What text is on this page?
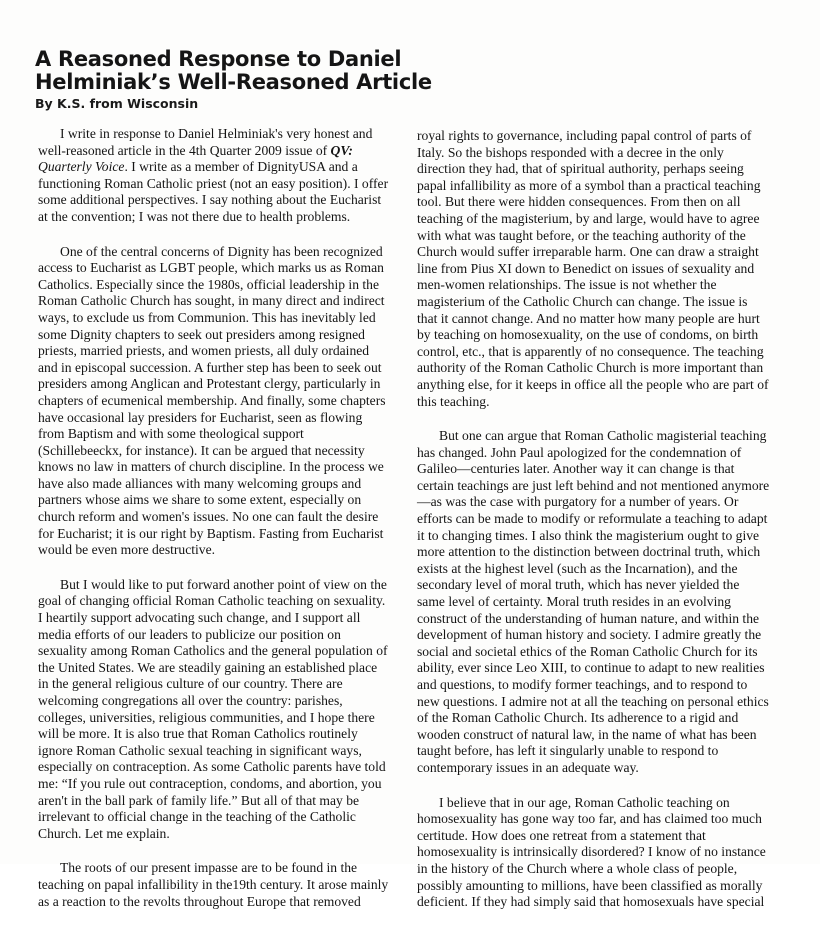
A Reasoned Response to Daniel
Helminiak’s Well-Reasoned Article
By K.S. from Wisconsin
I write in response to Daniel Helminiak's very honest and
well-reasoned article in the 4th Quarter 2009 issue of QV:
Quarterly Voice. I write as a member of DignityUSA and a
functioning Roman Catholic priest (not an easy position). I offer
some additional perspectives. I say nothing about the Eucharist
at the convention; I was not there due to health problems.
One of the central concerns of Dignity has been recognized
access to Eucharist as LGBT people, which marks us as Roman
Catholics. Especially since the 1980s, official leadership in the
Roman Catholic Church has sought, in many direct and indirect
ways, to exclude us from Communion. This has inevitably led
some Dignity chapters to seek out presiders among resigned
priests, married priests, and women priests, all duly ordained
and in episcopal succession. A further step has been to seek out
presiders among Anglican and Protestant clergy, particularly in
chapters of ecumenical membership. And finally, some chapters
have occasional lay presiders for Eucharist, seen as flowing
from Baptism and with some theological support
(Schillebeeckx, for instance). It can be argued that necessity
knows no law in matters of church discipline. In the process we
have also made alliances with many welcoming groups and
partners whose aims we share to some extent, especially on
church reform and women's issues. No one can fault the desire
for Eucharist; it is our right by Baptism. Fasting from Eucharist
would be even more destructive.
But I would like to put forward another point of view on the
goal of changing official Roman Catholic teaching on sexuality.
I heartily support advocating such change, and I support all
media efforts of our leaders to publicize our position on
sexuality among Roman Catholics and the general population of
the United States. We are steadily gaining an established place
in the general religious culture of our country. There are
welcoming congregations all over the country: parishes,
colleges, universities, religious communities, and I hope there
will be more. It is also true that Roman Catholics routinely
ignore Roman Catholic sexual teaching in significant ways,
especially on contraception. As some Catholic parents have told
me: “If you rule out contraception, condoms, and abortion, you
aren't in the ball park of family life.” But all of that may be
irrelevant to official change in the teaching of the Catholic
Church. Let me explain.
The roots of our present impasse are to be found in the
teaching on papal infallibility in the19th century. It arose mainly
as a reaction to the revolts throughout Europe that removed
royal rights to governance, including papal control of parts of
Italy. So the bishops responded with a decree in the only
direction they had, that of spiritual authority, perhaps seeing
papal infallibility as more of a symbol than a practical teaching
tool. But there were hidden consequences. From then on all
teaching of the magisterium, by and large, would have to agree
with what was taught before, or the teaching authority of the
Church would suffer irreparable harm. One can draw a straight
line from Pius XI down to Benedict on issues of sexuality and
men-women relationships. The issue is not whether the
magisterium of the Catholic Church can change. The issue is
that it cannot change. And no matter how many people are hurt
by teaching on homosexuality, on the use of condoms, on birth
control, etc., that is apparently of no consequence. The teaching
authority of the Roman Catholic Church is more important than
anything else, for it keeps in office all the people who are part of
this teaching.
But one can argue that Roman Catholic magisterial teaching
has changed. John Paul apologized for the condemnation of
Galileo—centuries later. Another way it can change is that
certain teachings are just left behind and not mentioned anymore
—as was the case with purgatory for a number of years. Or
efforts can be made to modify or reformulate a teaching to adapt
it to changing times. I also think the magisterium ought to give
more attention to the distinction between doctrinal truth, which
exists at the highest level (such as the Incarnation), and the
secondary level of moral truth, which has never yielded the
same level of certainty. Moral truth resides in an evolving
construct of the understanding of human nature, and within the
development of human history and society. I admire greatly the
social and societal ethics of the Roman Catholic Church for its
ability, ever since Leo XIII, to continue to adapt to new realities
and questions, to modify former teachings, and to respond to
new questions. I admire not at all the teaching on personal ethics
of the Roman Catholic Church. Its adherence to a rigid and
wooden construct of natural law, in the name of what has been
taught before, has left it singularly unable to respond to
contemporary issues in an adequate way.
I believe that in our age, Roman Catholic teaching on
homosexuality has gone way too far, and has claimed too much
certitude. How does one retreat from a statement that
homosexuality is intrinsically disordered? I know of no instance
in the history of the Church where a whole class of people,
possibly amounting to millions, have been classified as morally
deficient. If they had simply said that homosexuals have special
